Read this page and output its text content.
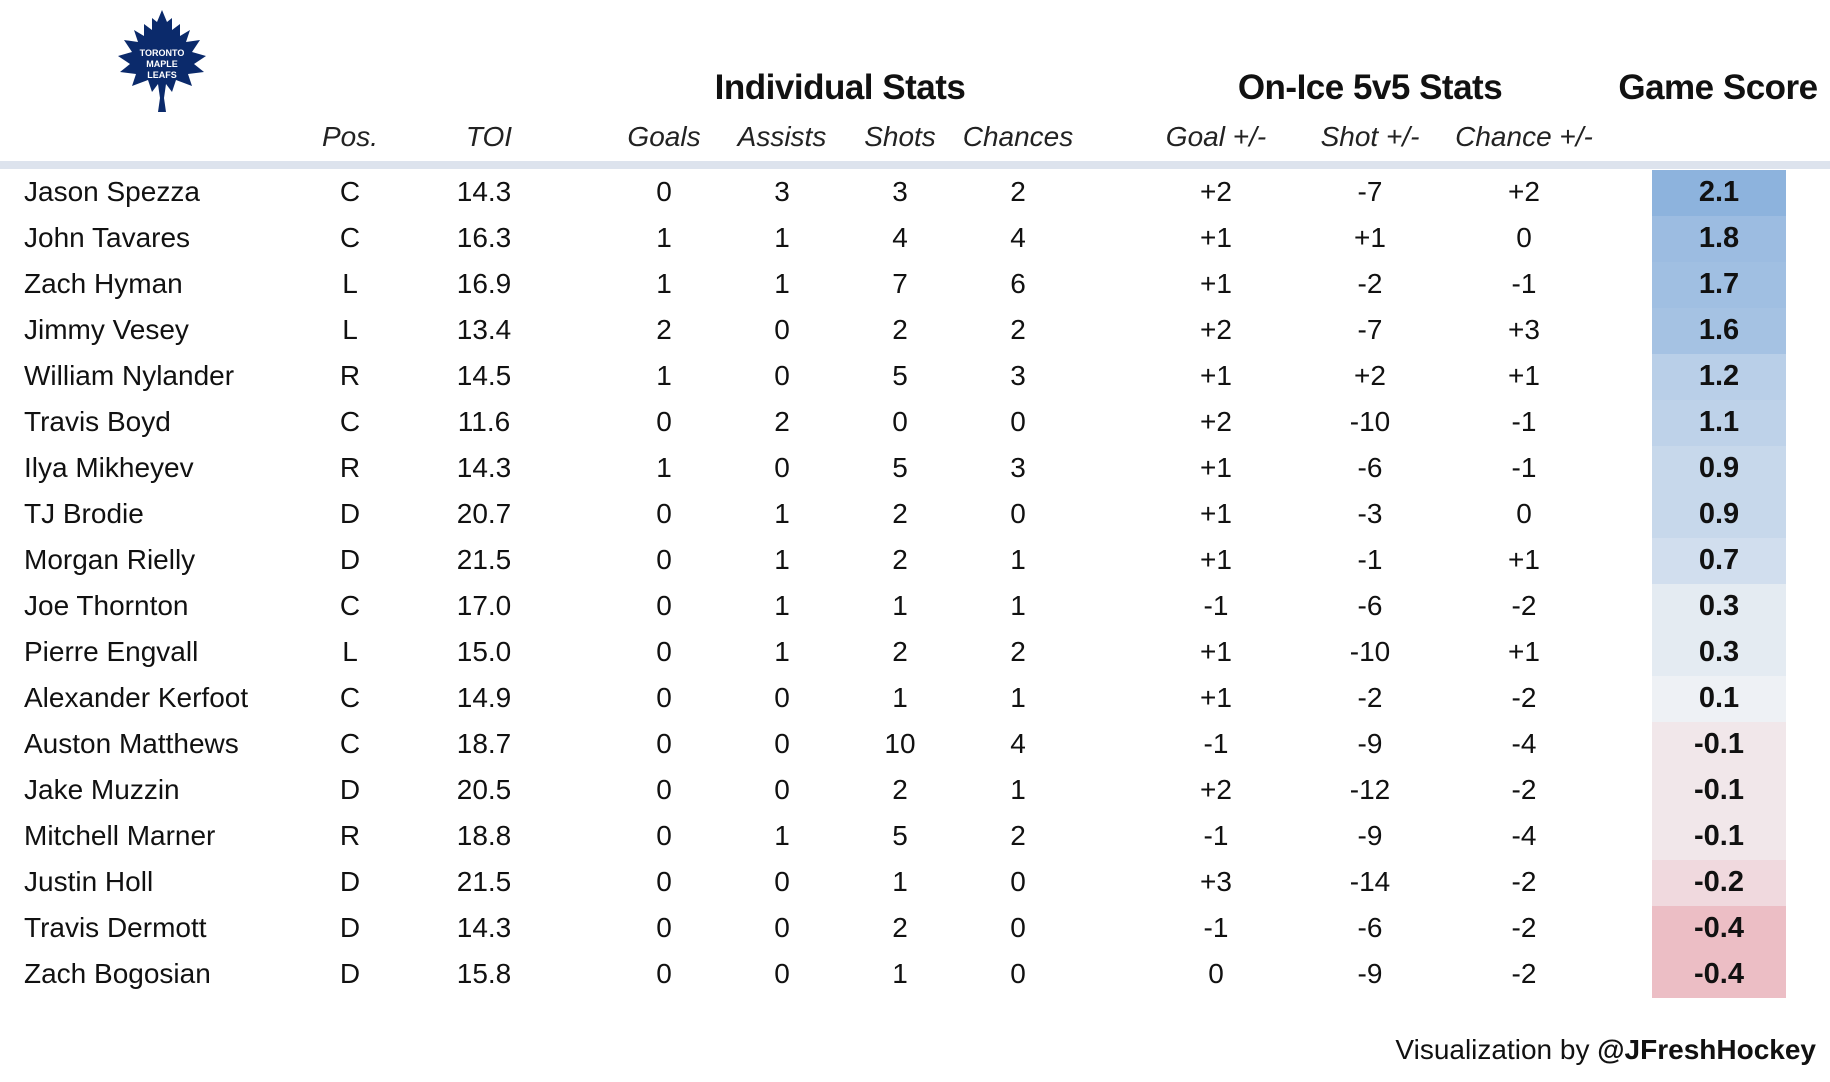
TORONTO
MAPLE
LEAFS	Individual Stats	On-Ice 5v5 Stats	Game Score
Pos.	TOI	Goals Assists Shots Chances	Goal +/- Shot +/- Chance +/-
Jason Spezza	C	14.3	0	3	3	2	+2	-7	+2	2.1
John Tavares	C	16.3	1	1	4	4	+1	+1	0	1.8
Zach Hyman	L	16.9	1	1	7	6	+1	-2	-1	1.7
Jimmy Vesey	L	13.4	2	0	2	2	+2	-7	+3	1.6
William Nylander	R	14.5	1	0	5	3	+1	+2	+1	1.2
Travis Boyd	C	11.6	0	2	0	0	+2	-10	-1	1.1
Ilya Mikheyev	R	14.3	1	0	5	3	+1	-6	-1	0.9
TJ Brodie	D	20.7	0	1	2	0	+1	-3	0	0.9
Morgan Rielly	D	21.5	0	1	2	1	+1	-1	+1	0.7
Joe Thornton	C	17.0	0	1	1	1	-1	-6	-2	0.3
Pierre Engvall	L	15.0	0	1	2	2	+1	-10	+1	0.3
Alexander Kerfoot	C	14.9	0	0	1	1	+1	-2	-2	0.1
Auston Matthews	C	18.7	0	0	10	4	-1	-9	-4	-0.1
Jake Muzzin	D	20.5	0	0	2	1	+2	-12	-2	-0.1
Mitchell Marner	R	18.8	0	1	5	2	-1	-9	-4	-0.1
Justin Holl	D	21.5	0	0	1	0	+3	-14	-2	-0.2
Travis Dermott	D	14.3	0	0	2	0	-1	-6	-2	-0.4
Zach Bogosian	D	15.8	0	0	1	0	0	-9	-2	-0.4
Visualization by @JFreshHockey
